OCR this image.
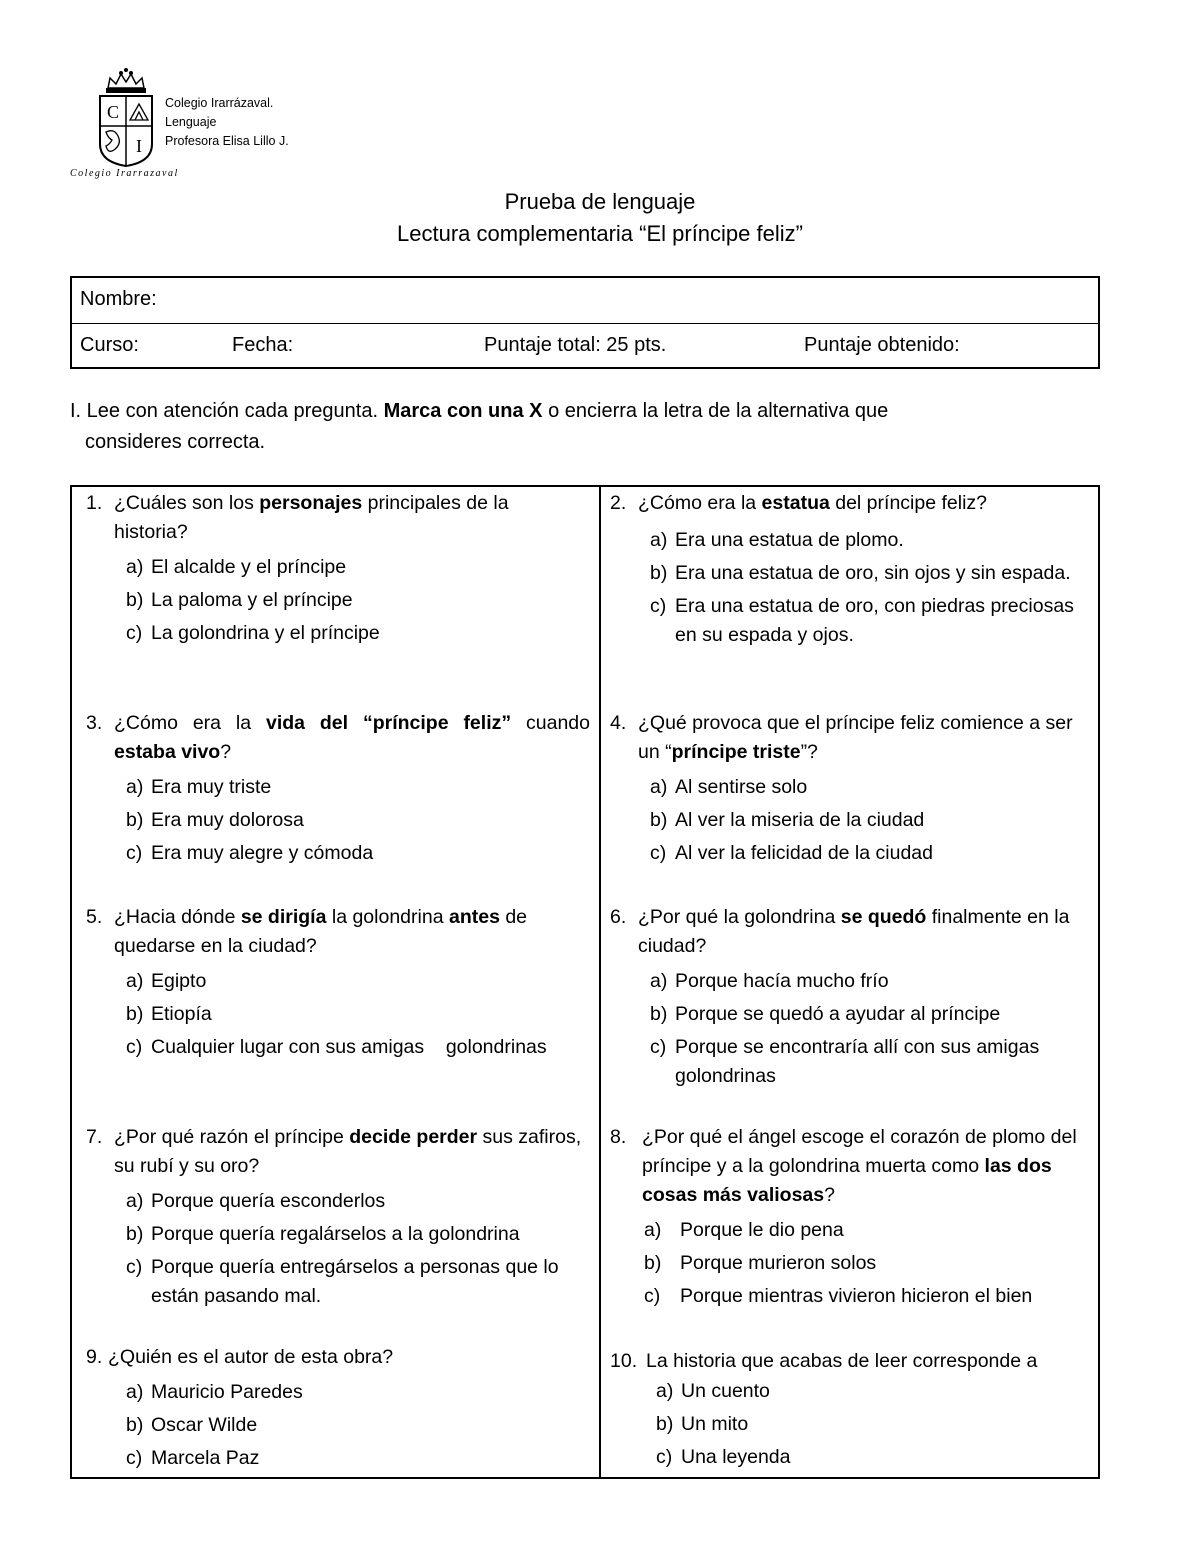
C
I
Colegio Irarrazaval
Colegio Irarrázaval.
Lenguaje
Profesora Elisa Lillo J.
Prueba de lenguaje
Lectura complementaria “El príncipe feliz”
Nombre:
Curso:	Fecha:	Puntaje total: 25 pts.	Puntaje obtenido:
I. Lee con atención cada pregunta. Marca con una X o encierra la letra de la alternativa que
consideres correcta.
1. ¿Cuáles son los personajes principales de la historia?
a) El alcalde y el príncipe
b) La paloma y el príncipe
c) La golondrina y el príncipe
2. ¿Cómo era la estatua del príncipe feliz?
a) Era una estatua de plomo.
b) Era una estatua de oro, sin ojos y sin espada.
c) Era una estatua de oro, con piedras preciosas en su espada y ojos.
3. ¿Cómo era la vida del “príncipe feliz” cuando
estaba vivo?
a) Era muy triste
b) Era muy dolorosa
c) Era muy alegre y cómoda
4. ¿Qué provoca que el príncipe feliz comience a ser un “príncipe triste”?
a) Al sentirse solo
b) Al ver la miseria de la ciudad
c) Al ver la felicidad de la ciudad
5. ¿Hacia dónde se dirigía la golondrina antes de quedarse en la ciudad?
a) Egipto
b) Etiopía
c) Cualquier lugar con sus amigas    golondrinas
6. ¿Por qué la golondrina se quedó finalmente en la ciudad?
a) Porque hacía mucho frío
b) Porque se quedó a ayudar al príncipe
c) Porque se encontraría allí con sus amigas golondrinas
7. ¿Por qué razón el príncipe decide perder sus zafiros, su rubí y su oro?
a) Porque quería esconderlos
b) Porque quería regalárselos a la golondrina
c) Porque quería entregárselos a personas que lo están pasando mal.
8. ¿Por qué el ángel escoge el corazón de plomo del príncipe y a la golondrina muerta como las dos cosas más valiosas?
a) Porque le dio pena
b) Porque murieron solos
c) Porque mientras vivieron hicieron el bien
9. ¿Quién es el autor de esta obra?
a) Mauricio Paredes
b) Oscar Wilde
c) Marcela Paz
10. La historia que acabas de leer corresponde a
a) Un cuento
b) Un mito
c) Una leyenda
